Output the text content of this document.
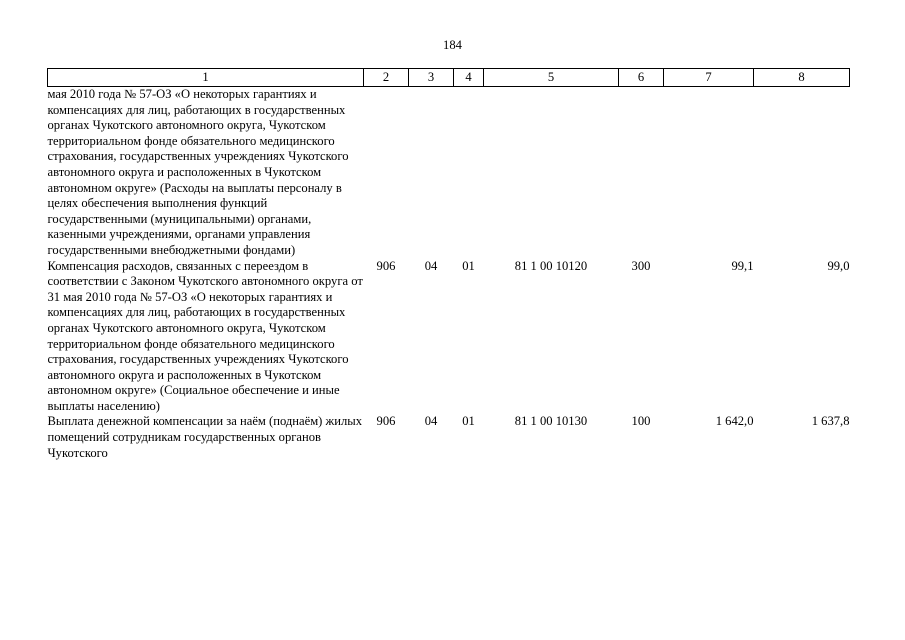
184
1	2	3	4	5	6	7	8
мая 2010 года № 57-ОЗ «О некоторых гарантиях и компенсациях для лиц, работающих в государственных органах Чукотского автономного округа, Чукотском территориальном фонде обязательного медицинского страхования, государственных учреждениях Чукотского автономного округа и расположенных в Чукотском автономном округе» (Расходы на выплаты персоналу в целях обеспечения выполнения функций государственными (муниципальными) органами, казенными учреждениями, органами управления государственными внебюджетными фондами)							
Компенсация расходов, связанных с переездом в соответствии с Законом Чукотского автономного округа от 31 мая 2010 года № 57-ОЗ «О некоторых гарантиях и компенсациях для лиц, работающих в государственных органах Чукотского автономного округа, Чукотском территориальном фонде обязательного медицинского страхования, государственных учреждениях Чукотского автономного округа и расположенных в Чукотском автономном округе» (Социальное обеспечение и иные выплаты населению)	906	04	01	81 1 00 10120	300	99,1	99,0
Выплата денежной компенсации за наём (поднаём) жилых помещений сотрудникам государственных органов Чукотского	906	04	01	81 1 00 10130	100	1 642,0	1 637,8
